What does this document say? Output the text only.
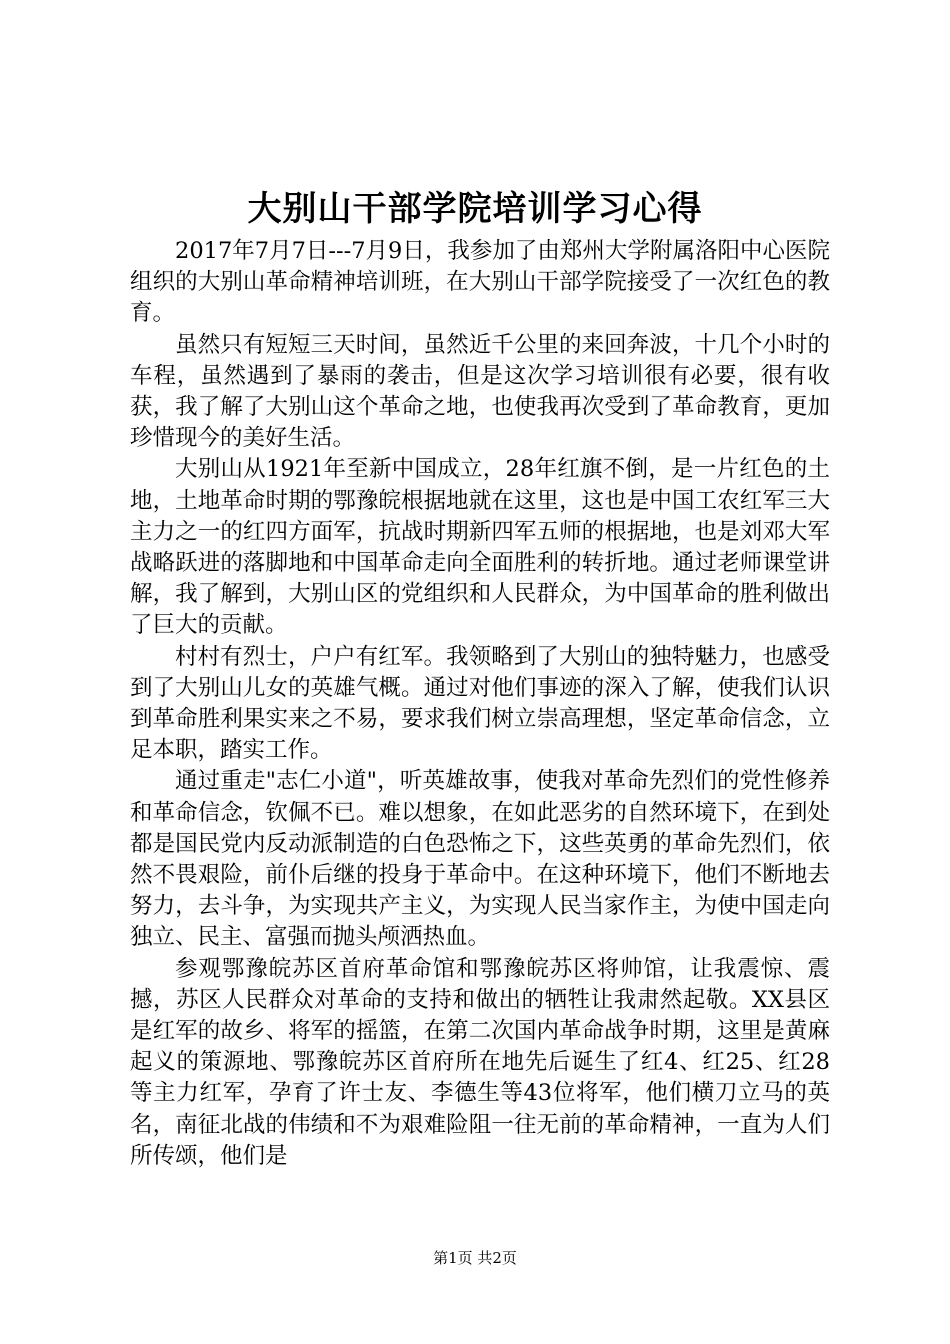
大别山干部学院培训学习心得

2017年7月7日---7月9日，我参加了由郑州大学附属洛阳中心医院组织的大别山革命精神培训班，在大别山干部学院接受了一次红色的教育。

虽然只有短短三天时间，虽然近千公里的来回奔波，十几个小时的车程，虽然遇到了暴雨的袭击，但是这次学习培训很有必要，很有收获，我了解了大别山这个革命之地，也使我再次受到了革命教育，更加珍惜现今的美好生活。

大别山从1921年至新中国成立，28年红旗不倒，是一片红色的土地，土地革命时期的鄂豫皖根据地就在这里，这也是中国工农红军三大主力之一的红四方面军，抗战时期新四军五师的根据地，也是刘邓大军战略跃进的落脚地和中国革命走向全面胜利的转折地。通过老师课堂讲解，我了解到，大别山区的党组织和人民群众，为中国革命的胜利做出了巨大的贡献。

村村有烈士，户户有红军。我领略到了大别山的独特魅力，也感受到了大别山儿女的英雄气概。通过对他们事迹的深入了解，使我们认识到革命胜利果实来之不易，要求我们树立崇高理想，坚定革命信念，立足本职，踏实工作。

通过重走"志仁小道"，听英雄故事，使我对革命先烈们的党性修养和革命信念，钦佩不已。难以想象，在如此恶劣的自然环境下，在到处都是国民党内反动派制造的白色恐怖之下，这些英勇的革命先烈们，依然不畏艰险，前仆后继的投身于革命中。在这种环境下，他们不断地去努力，去斗争，为实现共产主义，为实现人民当家作主，为使中国走向独立、民主、富强而抛头颅洒热血。

参观鄂豫皖苏区首府革命馆和鄂豫皖苏区将帅馆，让我震惊、震撼，苏区人民群众对革命的支持和做出的牺牲让我肃然起敬。XX县区是红军的故乡、将军的摇篮，在第二次国内革命战争时期，这里是黄麻起义的策源地、鄂豫皖苏区首府所在地先后诞生了红4、红25、红28等主力红军，孕育了许士友、李德生等43位将军，他们横刀立马的英名，南征北战的伟绩和不为艰难险阻一往无前的革命精神，一直为人们所传颂，他们是

第1页 共2页
